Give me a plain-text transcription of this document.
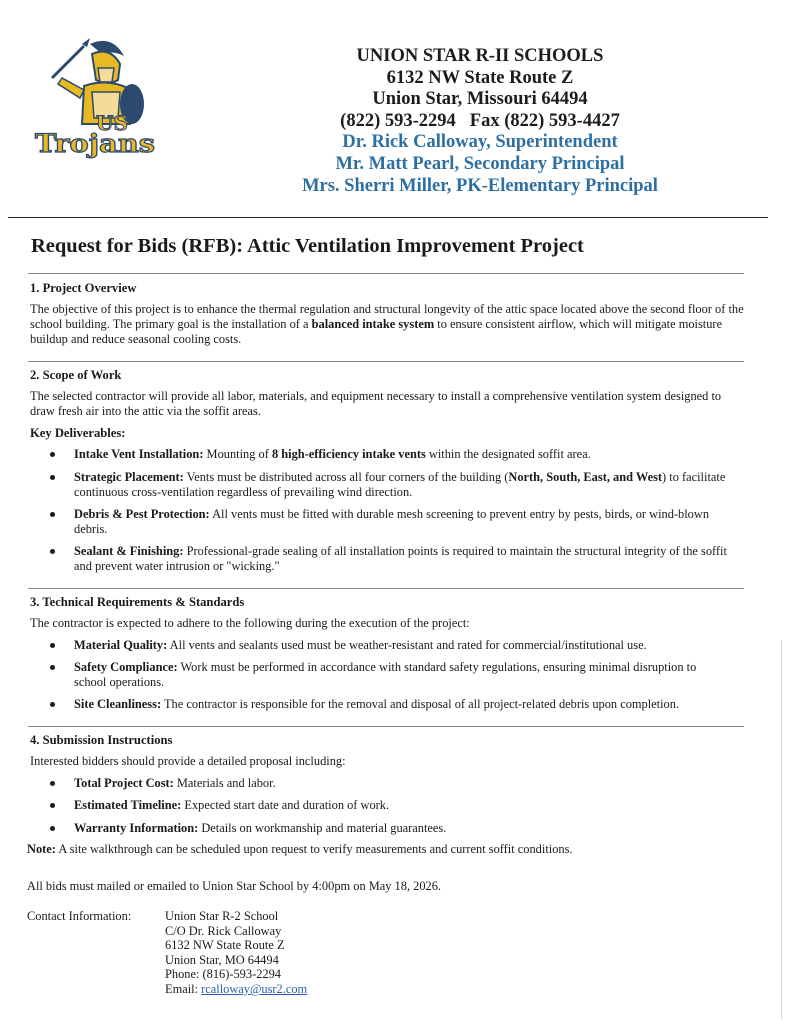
US
Trojans
UNION STAR R-II SCHOOLS
6132 NW State Route Z
Union Star, Missouri 64494
(822) 593-2294 Fax (822) 593-4427
Dr. Rick Calloway, Superintendent
Mr. Matt Pearl, Secondary Principal
Mrs. Sherri Miller, PK-Elementary Principal
Request for Bids (RFB): Attic Ventilation Improvement Project
1. Project Overview
The objective of this project is to enhance the thermal regulation and structural longevity of the attic space located above the second floor of the school building. The primary goal is the installation of a balanced intake system to ensure consistent airflow, which will mitigate moisture buildup and reduce seasonal cooling costs.
2. Scope of Work
The selected contractor will provide all labor, materials, and equipment necessary to install a comprehensive ventilation system designed to draw fresh air into the attic via the soffit areas.
Key Deliverables:
Intake Vent Installation: Mounting of 8 high-efficiency intake vents within the designated soffit area.
Strategic Placement: Vents must be distributed across all four corners of the building (North, South, East, and West) to facilitate continuous cross-ventilation regardless of prevailing wind direction.
Debris & Pest Protection: All vents must be fitted with durable mesh screening to prevent entry by pests, birds, or wind-blown debris.
Sealant & Finishing: Professional-grade sealing of all installation points is required to maintain the structural integrity of the soffit and prevent water intrusion or "wicking."
3. Technical Requirements & Standards
The contractor is expected to adhere to the following during the execution of the project:
Material Quality: All vents and sealants used must be weather-resistant and rated for commercial/institutional use.
Safety Compliance: Work must be performed in accordance with standard safety regulations, ensuring minimal disruption to school operations.
Site Cleanliness: The contractor is responsible for the removal and disposal of all project-related debris upon completion.
4. Submission Instructions
Interested bidders should provide a detailed proposal including:
Total Project Cost: Materials and labor.
Estimated Timeline: Expected start date and duration of work.
Warranty Information: Details on workmanship and material guarantees.
Note: A site walkthrough can be scheduled upon request to verify measurements and current soffit conditions.
All bids must mailed or emailed to Union Star School by 4:00pm on May 18, 2026.
Contact Information:	Union Star R-2 School
C/O Dr. Rick Calloway
6132 NW State Route Z
Union Star, MO 64494
Phone: (816)-593-2294
Email: rcalloway@usr2.com
